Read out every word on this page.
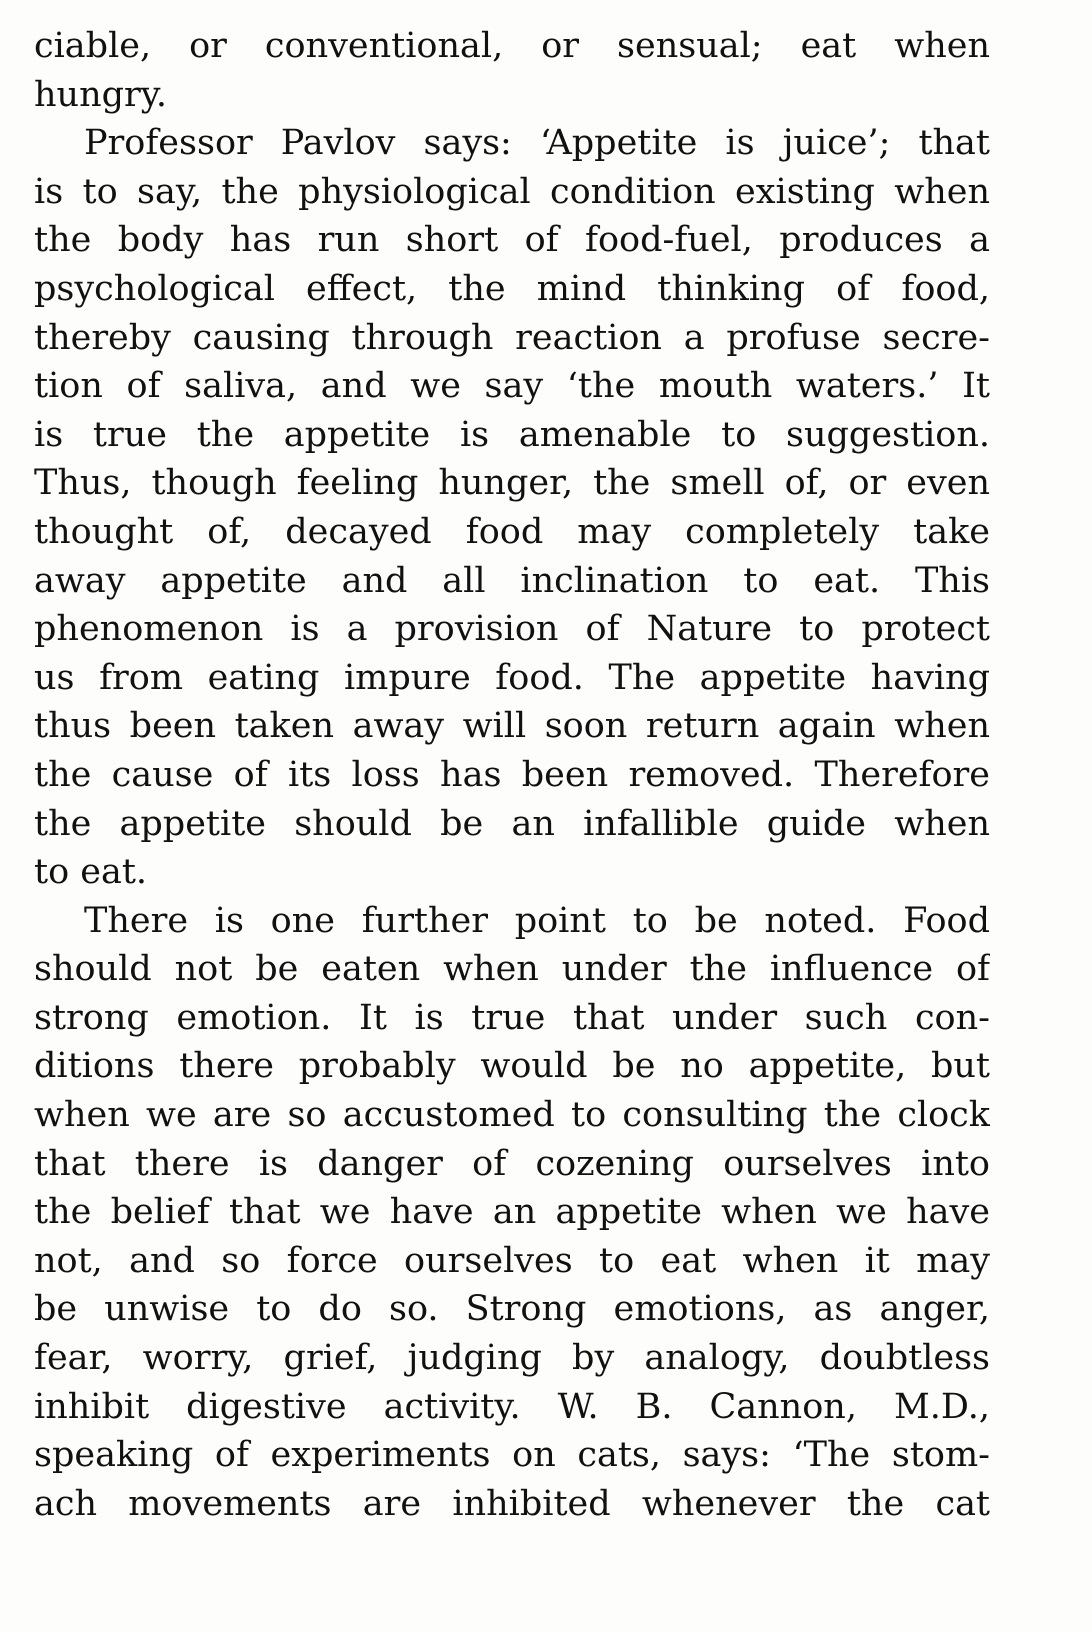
ciable, or conventional, or sensual; eat when
hungry.
Professor Pavlov says: ‘Appetite is juice’; that
is to say, the physiological condition existing when
the body has run short of food-fuel, produces a
psychological effect, the mind thinking of food,
thereby causing through reaction a profuse secre-
tion of saliva, and we say ‘the mouth waters.’ It
is true the appetite is amenable to suggestion.
Thus, though feeling hunger, the smell of, or even
thought of, decayed food may completely take
away appetite and all inclination to eat. This
phenomenon is a provision of Nature to protect
us from eating impure food. The appetite having
thus been taken away will soon return again when
the cause of its loss has been removed. Therefore
the appetite should be an infallible guide when
to eat.
There is one further point to be noted. Food
should not be eaten when under the influence of
strong emotion. It is true that under such con-
ditions there probably would be no appetite, but
when we are so accustomed to consulting the clock
that there is danger of cozening ourselves into
the belief that we have an appetite when we have
not, and so force ourselves to eat when it may
be unwise to do so. Strong emotions, as anger,
fear, worry, grief, judging by analogy, doubtless
inhibit digestive activity. W. B. Cannon, M.D.,
speaking of experiments on cats, says: ‘The stom-
ach movements are inhibited whenever the cat
